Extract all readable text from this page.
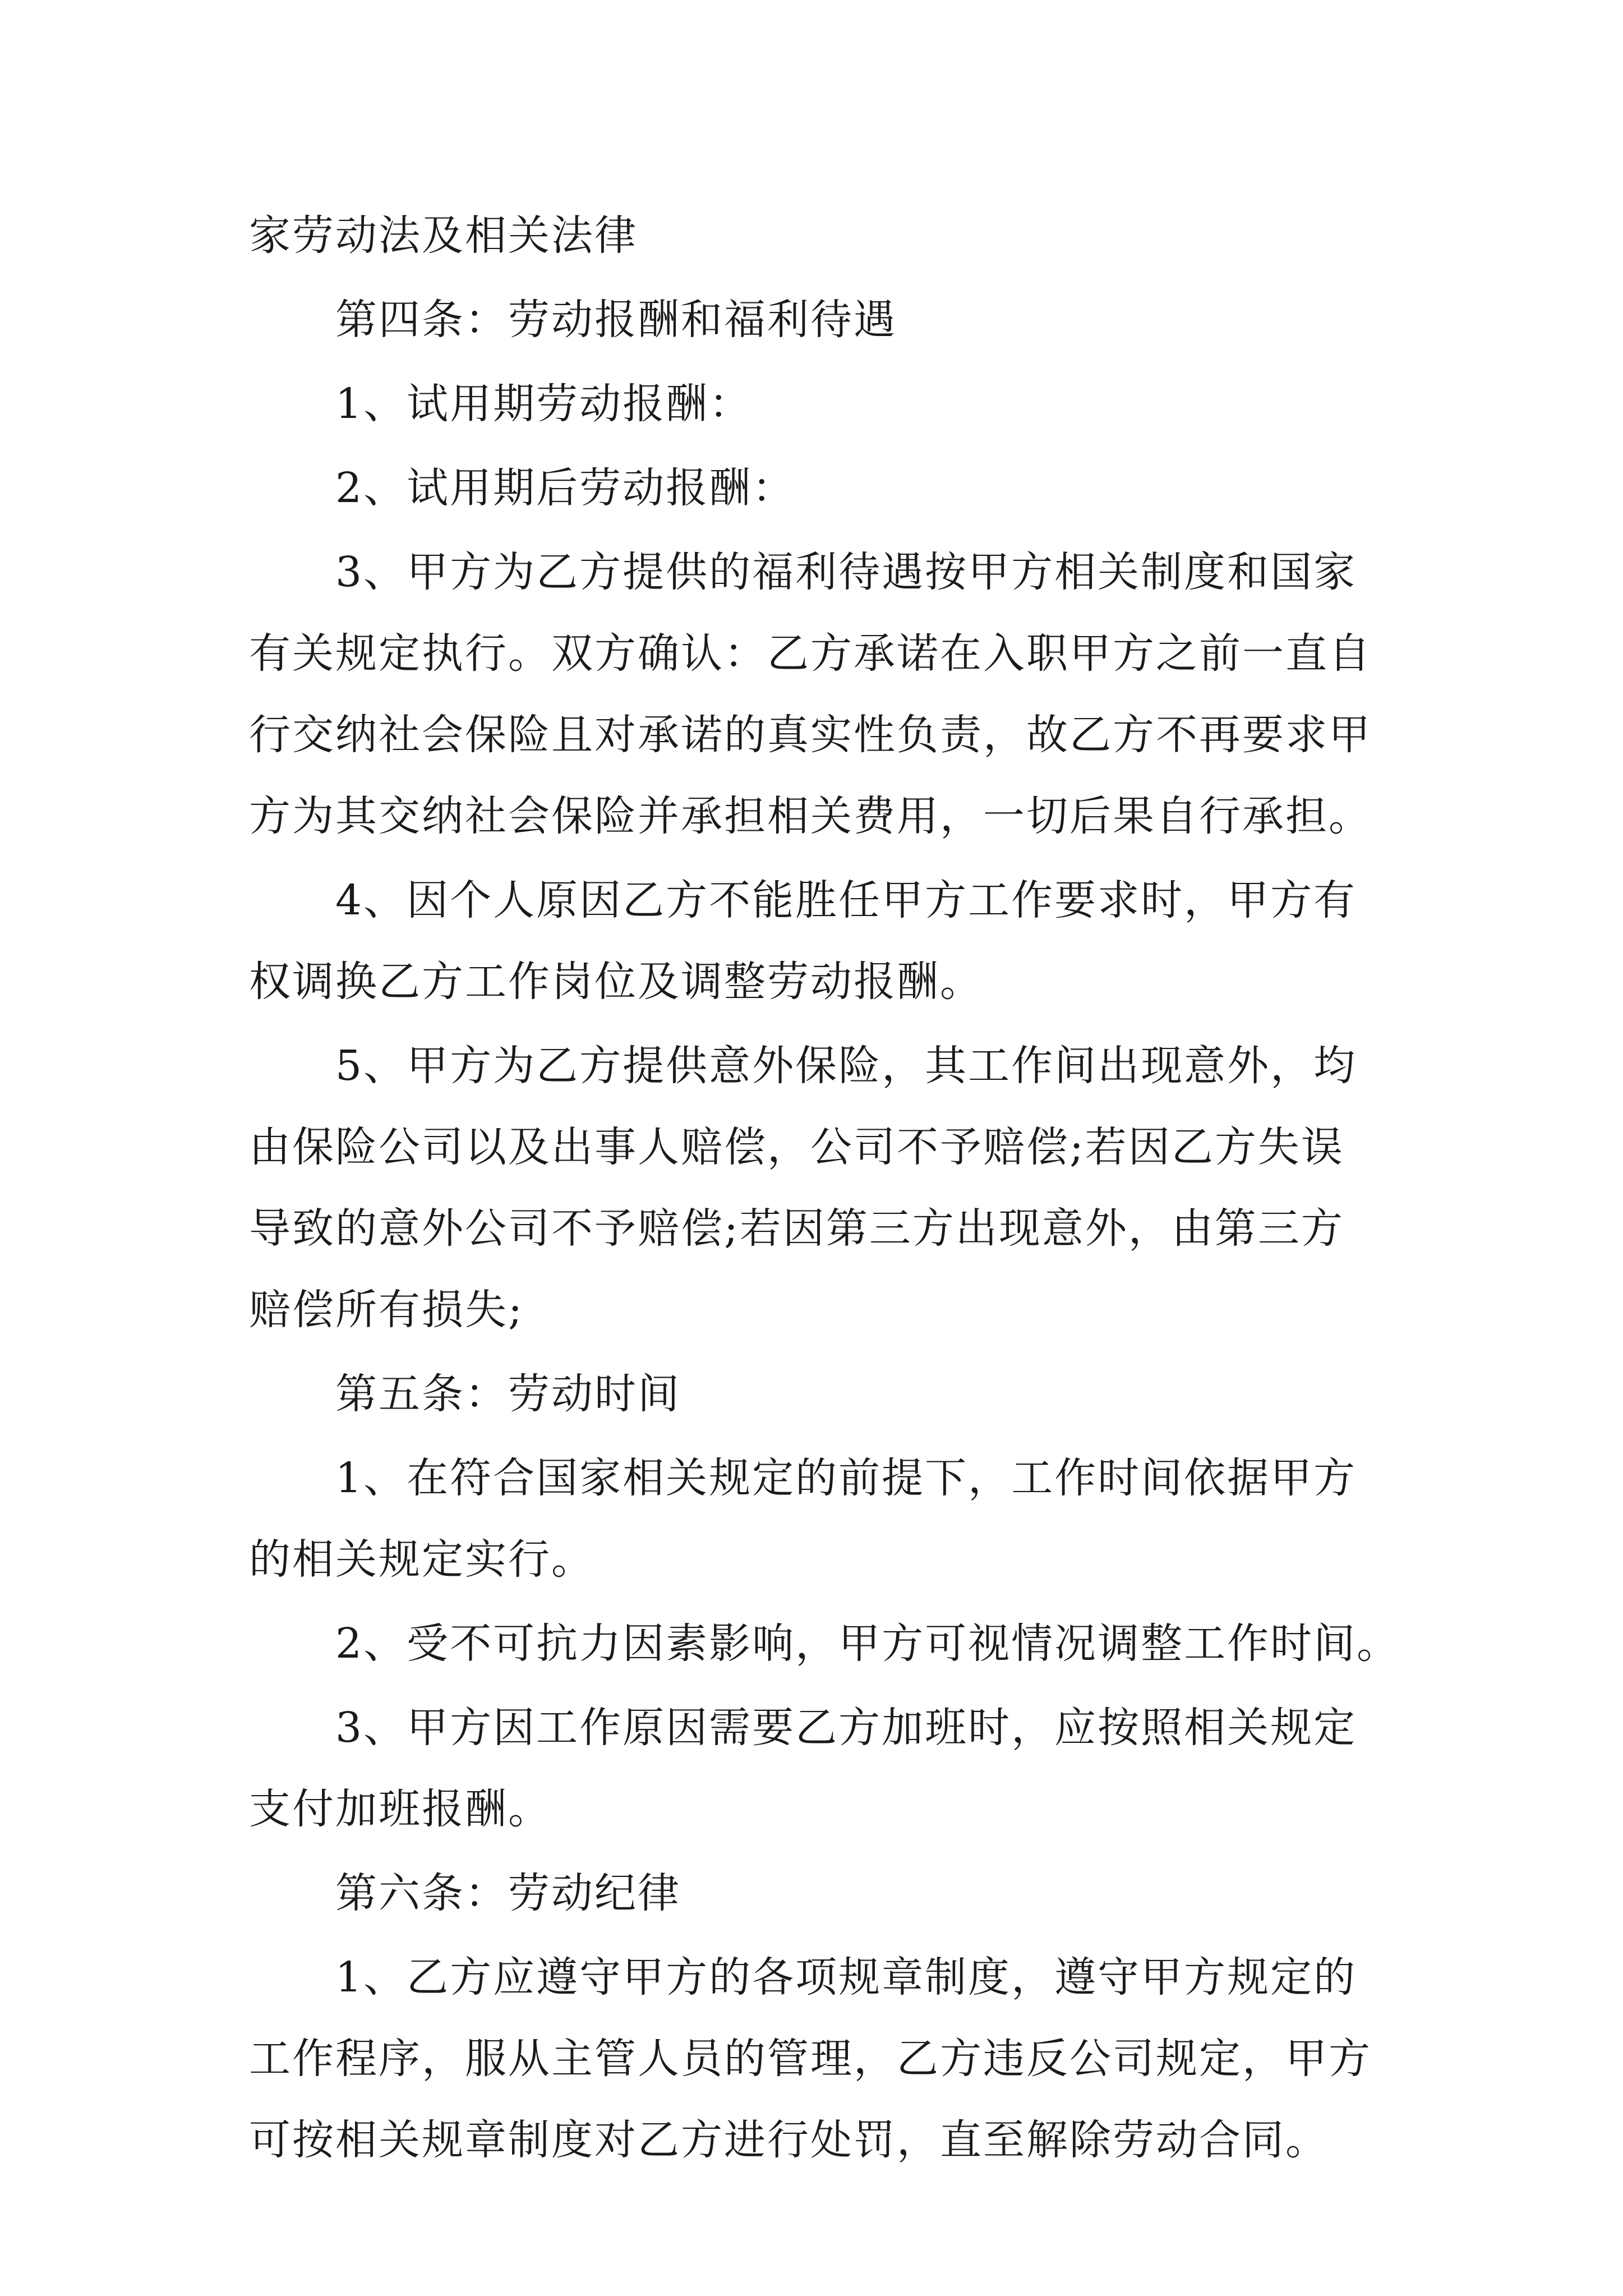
家劳动法及相关法律
第四条：劳动报酬和福利待遇
1、试用期劳动报酬：
2、试用期后劳动报酬：
3、甲方为乙方提供的福利待遇按甲方相关制度和国家
有关规定执行。双方确认：乙方承诺在入职甲方之前一直自
行交纳社会保险且对承诺的真实性负责，故乙方不再要求甲
方为其交纳社会保险并承担相关费用，一切后果自行承担。
4、因个人原因乙方不能胜任甲方工作要求时，甲方有
权调换乙方工作岗位及调整劳动报酬。
5、甲方为乙方提供意外保险，其工作间出现意外，均
由保险公司以及出事人赔偿，公司不予赔偿;若因乙方失误
导致的意外公司不予赔偿;若因第三方出现意外，由第三方
赔偿所有损失;
第五条：劳动时间
1、在符合国家相关规定的前提下，工作时间依据甲方
的相关规定实行。
2、受不可抗力因素影响，甲方可视情况调整工作时间。
3、甲方因工作原因需要乙方加班时，应按照相关规定
支付加班报酬。
第六条：劳动纪律
1、乙方应遵守甲方的各项规章制度，遵守甲方规定的
工作程序，服从主管人员的管理，乙方违反公司规定，甲方
可按相关规章制度对乙方进行处罚，直至解除劳动合同。
